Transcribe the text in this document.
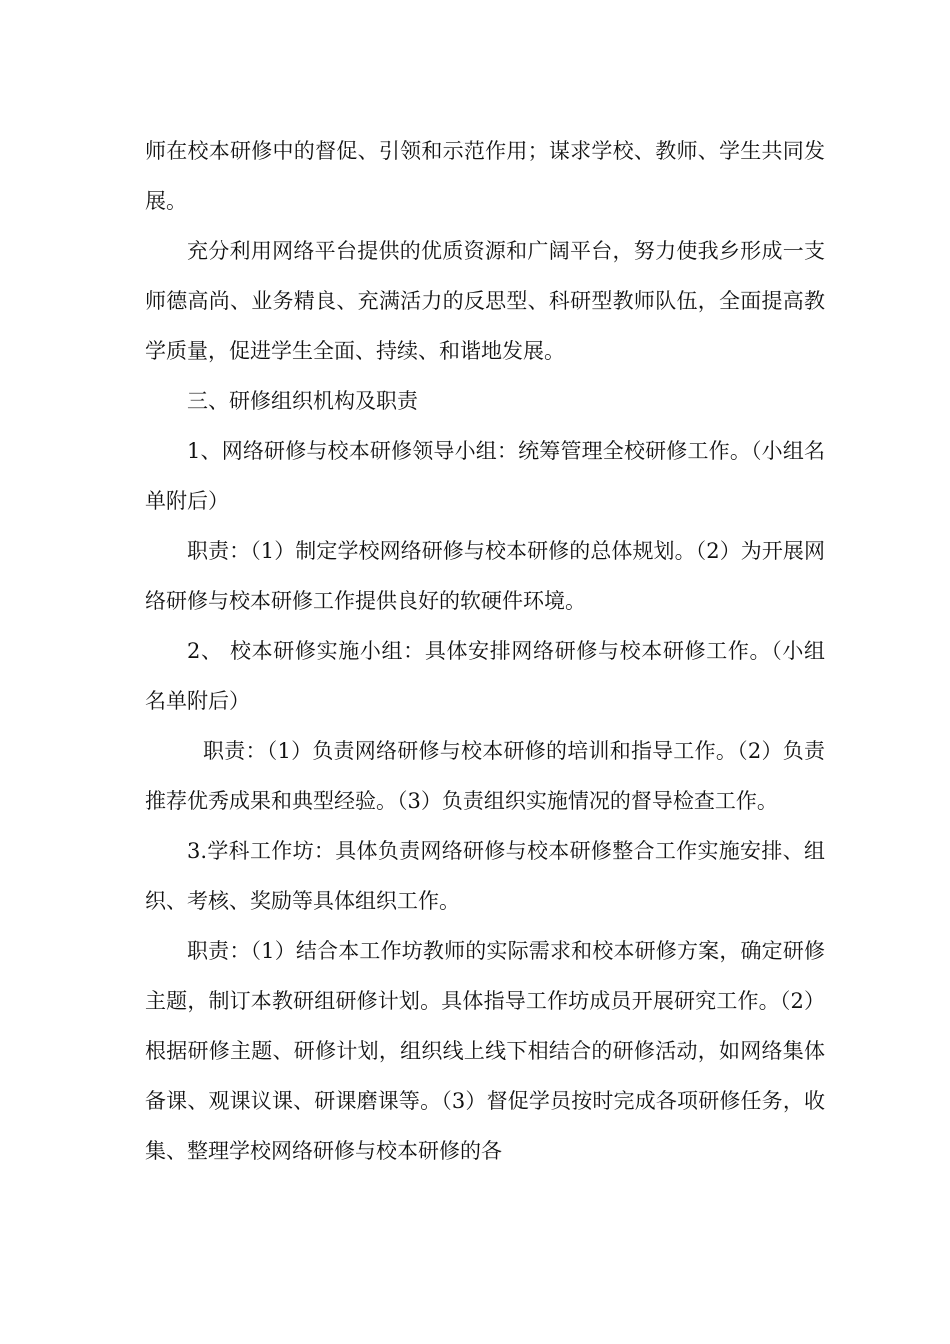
师在校本研修中的督促、引领和示范作用；谋求学校、教师、学生共同发展。

充分利用网络平台提供的优质资源和广阔平台，努力使我乡形成一支师德高尚、业务精良、充满活力的反思型、科研型教师队伍，全面提高教学质量，促进学生全面、持续、和谐地发展。

三、研修组织机构及职责

1、网络研修与校本研修领导小组：统筹管理全校研修工作。（小组名单附后）

职责：（1）制定学校网络研修与校本研修的总体规划。（2）为开展网络研修与校本研修工作提供良好的软硬件环境。

2、 校本研修实施小组：具体安排网络研修与校本研修工作。（小组名单附后）

职责：（1）负责网络研修与校本研修的培训和指导工作。（2）负责推荐优秀成果和典型经验。（3）负责组织实施情况的督导检查工作。

3.学科工作坊：具体负责网络研修与校本研修整合工作实施安排、组织、考核、奖励等具体组织工作。

职责：（1）结合本工作坊教师的实际需求和校本研修方案，确定研修主题，制订本教研组研修计划。具体指导工作坊成员开展研究工作。（2）根据研修主题、研修计划，组织线上线下相结合的研修活动，如网络集体备课、观课议课、研课磨课等。（3）督促学员按时完成各项研修任务，收集、整理学校网络研修与校本研修的各
